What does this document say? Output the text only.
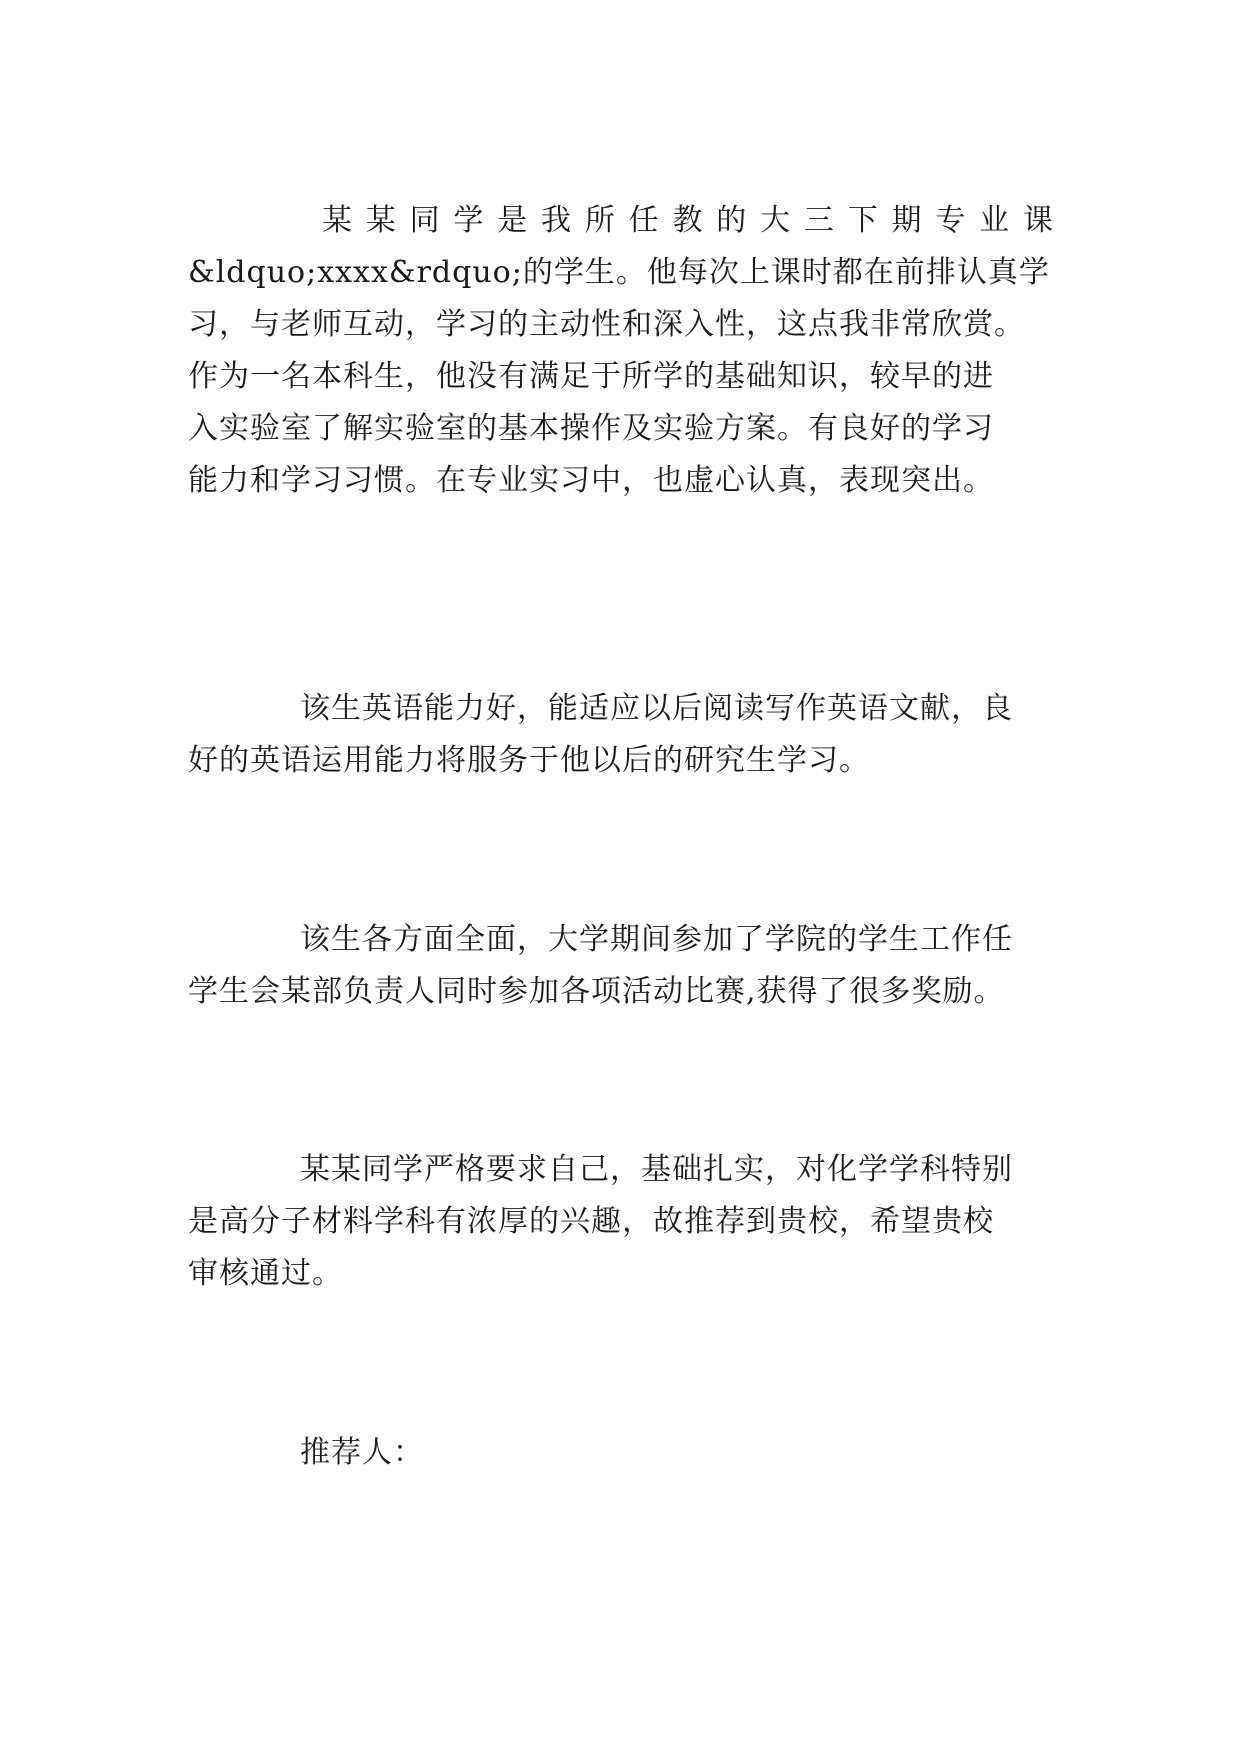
某某同学是我所任教的大三下期专业课
&ldquo;xxxx&rdquo;的学生。他每次上课时都在前排认真学
习，与老师互动，学习的主动性和深入性，这点我非常欣赏。
作为一名本科生，他没有满足于所学的基础知识，较早的进
入实验室了解实验室的基本操作及实验方案。有良好的学习
能力和学习习惯。在专业实习中，也虚心认真，表现突出。
该生英语能力好，能适应以后阅读写作英语文献，良
好的英语运用能力将服务于他以后的研究生学习。
该生各方面全面，大学期间参加了学院的学生工作任
学生会某部负责人同时参加各项活动比赛,获得了很多奖励。
某某同学严格要求自己，基础扎实，对化学学科特别
是高分子材料学科有浓厚的兴趣，故推荐到贵校，希望贵校
审核通过。
推荐人：
